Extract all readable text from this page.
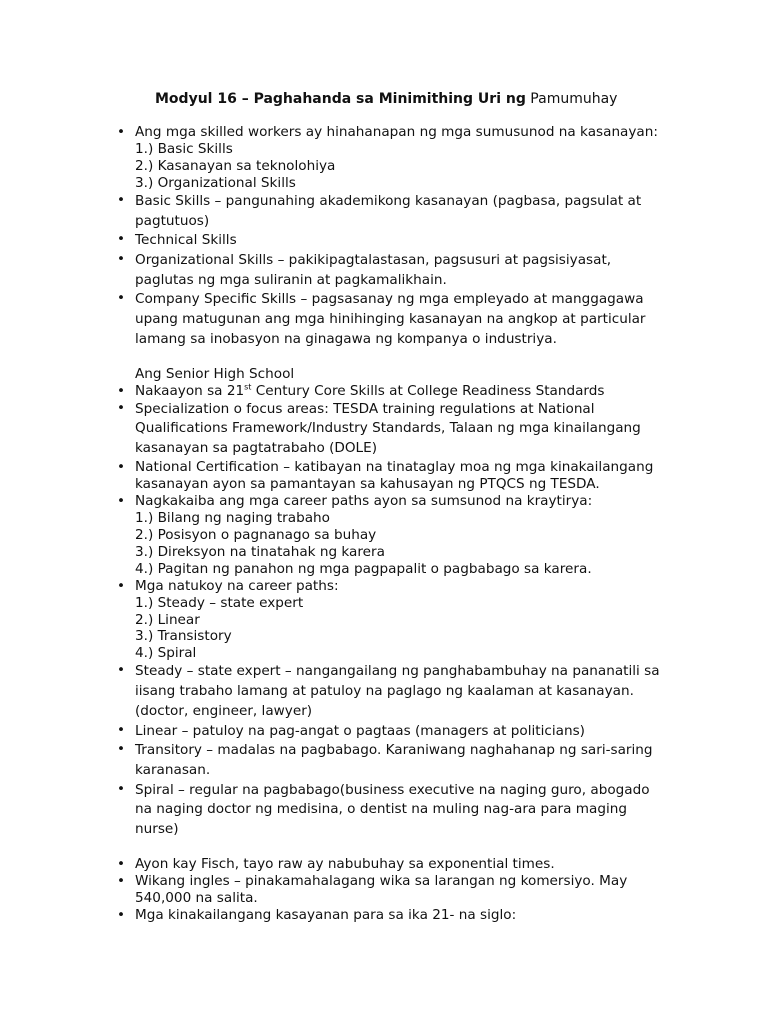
Modyul 16 – Paghahanda sa Minimithing Uri ng Pamumuhay
• Ang mga skilled workers ay hinahanapan ng mga sumusunod na kasanayan:
1.) Basic Skills
2.) Kasanayan sa teknolohiya
3.) Organizational Skills
• Basic Skills – pangunahing akademikong kasanayan (pagbasa, pagsulat at
pagtutuos)
• Technical Skills
• Organizational Skills – pakikipagtalastasan, pagsusuri at pagsisiyasat,
paglutas ng mga suliranin at pagkamalikhain.
• Company Specific Skills – pagsasanay ng mga empleyado at manggagawa
upang matugunan ang mga hinihinging kasanayan na angkop at particular
lamang sa inobasyon na ginagawa ng kompanya o industriya.
Ang Senior High School
• Nakaayon sa 21st Century Core Skills at College Readiness Standards
• Specialization o focus areas: TESDA training regulations at National
Qualifications Framework/Industry Standards, Talaan ng mga kinailangang
kasanayan sa pagtatrabaho (DOLE)
• National Certification – katibayan na tinataglay moa ng mga kinakailangang
kasanayan ayon sa pamantayan sa kahusayan ng PTQCS ng TESDA.
• Nagkakaiba ang mga career paths ayon sa sumsunod na kraytirya:
1.) Bilang ng naging trabaho
2.) Posisyon o pagnanago sa buhay
3.) Direksyon na tinatahak ng karera
4.) Pagitan ng panahon ng mga pagpapalit o pagbabago sa karera.
• Mga natukoy na career paths:
1.) Steady – state expert
2.) Linear
3.) Transistory
4.) Spiral
• Steady – state expert – nangangailang ng panghabambuhay na pananatili sa
iisang trabaho lamang at patuloy na paglago ng kaalaman at kasanayan.
(doctor, engineer, lawyer)
• Linear – patuloy na pag-angat o pagtaas (managers at politicians)
• Transitory – madalas na pagbabago. Karaniwang naghahanap ng sari-saring
karanasan.
• Spiral – regular na pagbabago(business executive na naging guro, abogado
na naging doctor ng medisina, o dentist na muling nag-ara para maging
nurse)
• Ayon kay Fisch, tayo raw ay nabubuhay sa exponential times.
• Wikang ingles – pinakamahalagang wika sa larangan ng komersiyo. May
540,000 na salita.
• Mga kinakailangang kasayanan para sa ika 21- na siglo:
